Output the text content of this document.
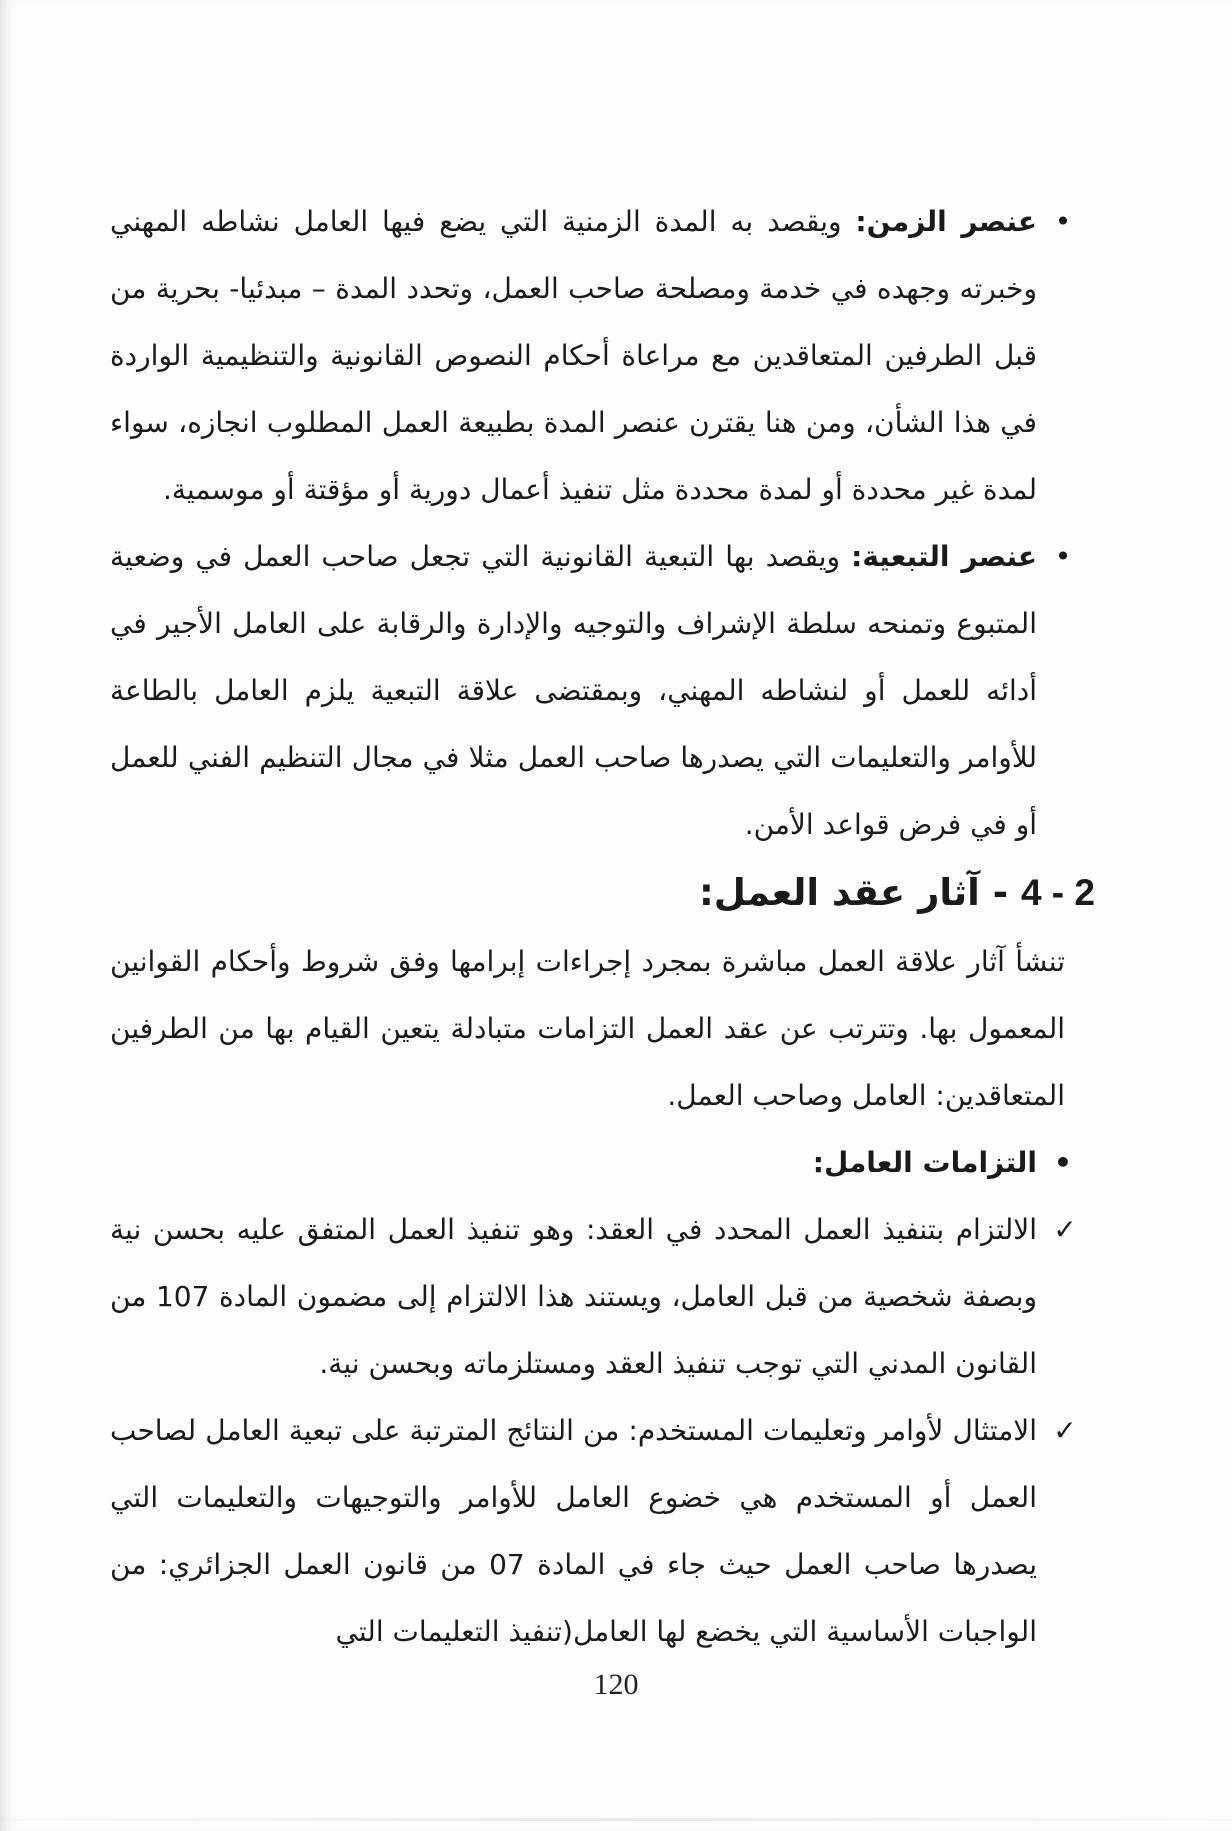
•

عنصر الزمن: ويقصد به المدة الزمنية التي يضع فيها العامل نشاطه المهني وخبرته وجهده في خدمة ومصلحة صاحب العمل، وتحدد المدة – مبدئيا- بحرية من قبل الطرفين المتعاقدين مع مراعاة أحكام النصوص القانونية والتنظيمية الواردة في هذا الشأن، ومن هنا يقترن عنصر المدة بطبيعة العمل المطلوب انجازه، سواء لمدة غير محددة أو لمدة محددة مثل تنفيذ أعمال دورية أو مؤقتة أو موسمية.

•

عنصر التبعية: ويقصد بها التبعية القانونية التي تجعل صاحب العمل في وضعية المتبوع وتمنحه سلطة الإشراف والتوجيه والإدارة والرقابة على العامل الأجير في أدائه للعمل أو لنشاطه المهني، وبمقتضى علاقة التبعية يلزم العامل بالطاعة للأوامر والتعليمات التي يصدرها صاحب العمل مثلا في مجال التنظيم الفني للعمل أو في فرض قواعد الأمن.

2 - 4 - آثار عقد العمل:

تنشأ آثار علاقة العمل مباشرة بمجرد إجراءات إبرامها وفق شروط وأحكام القوانين المعمول بها. وتترتب عن عقد العمل التزامات متبادلة يتعين القيام بها من الطرفين المتعاقدين: العامل وصاحب العمل.

•

التزامات العامل:

✓

الالتزام بتنفيذ العمل المحدد في العقد: وهو تنفيذ العمل المتفق عليه بحسن نية وبصفة شخصية من قبل العامل، ويستند هذا الالتزام إلى مضمون المادة 107 من القانون المدني التي توجب تنفيذ العقد ومستلزماته وبحسن نية.

✓

الامتثال لأوامر وتعليمات المستخدم: من النتائج المترتبة على تبعية العامل لصاحب العمل أو المستخدم هي خضوع العامل للأوامر والتوجيهات والتعليمات التي يصدرها صاحب العمل حيث جاء في المادة 07 من قانون العمل الجزائري: من الواجبات الأساسية التي يخضع لها العامل(تنفيذ التعليمات التي

120
